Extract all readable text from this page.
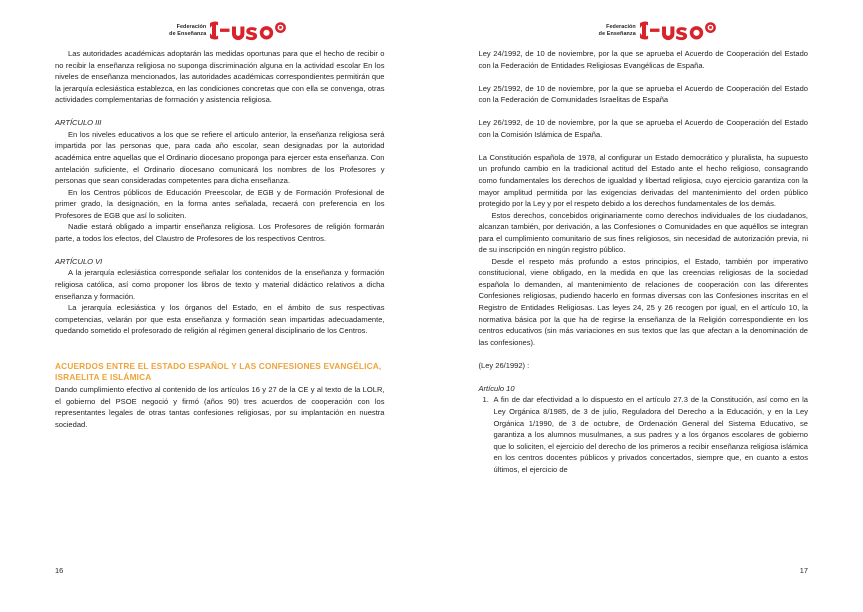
Federación
de Enseñanza

Las autoridades académicas adoptarán las medidas oportunas para que el hecho de recibir o no recibir la enseñanza religiosa no suponga discriminación alguna en la actividad escolar En los niveles de enseñanza mencionados, las autoridades académicas correspondientes permitirán que la jerarquía eclesiástica establezca, en las condiciones concretas que con ella se convenga, otras actividades complementarias de formación y asistencia religiosa.

ARTÍCULO III

En los niveles educativos a los que se refiere el articulo anterior, la enseñanza religiosa será impartida por las personas que, para cada año escolar, sean designadas por la autoridad académica entre aquellas que el Ordinario diocesano proponga para ejercer esta enseñanza. Con antelación suficiente, el Ordinario diocesano comunicará los nombres de los Profesores y personas que sean consideradas competentes para dicha enseñanza.

En los Centros públicos de Educación Preescolar, de EGB y de Formación Profesional de primer grado, la designación, en la forma antes señalada, recaerá con preferencia en los Profesores de EGB que así lo soliciten.

Nadie estará obligado a impartir enseñanza religiosa. Los Profesores de religión formarán parte, a todos los efectos, del Claustro de Profesores de los respectivos Centros.

ARTÍCULO VI

A la jerarquía eclesiástica corresponde señalar los contenidos de la enseñanza y formación religiosa católica, así como proponer los libros de texto y material didáctico relativos a dicha enseñanza y formación.

La jerarquía eclesiástica y los órganos del Estado, en el ámbito de sus respectivas competencias, velarán por que esta enseñanza y formación sean impartidas adecuadamente, quedando sometido el profesorado de religión al régimen general disciplinario de los Centros.

ACUERDOS ENTRE EL ESTADO ESPAÑOL Y LAS CONFESIONES EVANGÉLICA, ISRAELITA E ISLÁMICA

Dando cumplimiento efectivo al contenido de los artículos 16 y 27 de la CE y al texto de la LOLR, el gobierno del PSOE negoció y firmó (años 90) tres acuerdos de cooperación con los representantes legales de otras tantas confesiones religiosas, por su implantación en nuestra sociedad.

16
Federación
de Enseñanza

Ley 24/1992, de 10 de noviembre, por la que se aprueba el Acuerdo de Cooperación del Estado con la Federación de Entidades Religiosas Evangélicas de España.

Ley 25/1992, de 10 de noviembre, por la que se aprueba el Acuerdo de Cooperación del Estado con la Federación de Comunidades Israelitas de España

Ley 26/1992, de 10 de noviembre, por la que se aprueba el Acuerdo de Cooperación del Estado con la Comisión Islámica de España.

La Constitución española de 1978, al configurar un Estado democrático y pluralista, ha supuesto un profundo cambio en la tradicional actitud del Estado ante el hecho religioso, consagrando como fundamentales los derechos de igualdad y libertad religiosa, cuyo ejercicio garantiza con la mayor amplitud permitida por las exigencias derivadas del mantenimiento del orden público protegido por la Ley y por el respeto debido a los derechos fundamentales de los demás.

Estos derechos, concebidos originariamente como derechos individuales de los ciudadanos, alcanzan también, por derivación, a las Confesiones o Comunidades en que aquéllos se integran para el cumplimiento comunitario de sus fines religiosos, sin necesidad de autorización previa, ni de su inscripción en ningún registro público.

Desde el respeto más profundo a estos principios, el Estado, también por imperativo constitucional, viene obligado, en la medida en que las creencias religiosas de la sociedad española lo demanden, al mantenimiento de relaciones de cooperación con las diferentes Confesiones religiosas, pudiendo hacerlo en formas diversas con las Confesiones inscritas en el Registro de Entidades Religiosas. Las leyes 24, 25 y 26 recogen por igual, en el artículo 10, la normativa básica por la que ha de regirse la enseñanza de la Religión correspondiente en los centros educativos (sin más variaciones en sus textos que las que afectan a la denominación de las confesiones).

(Ley 26/1992) :

Artículo 10

1. A fin de dar efectividad a lo dispuesto en el artículo 27.3 de la Constitución, así como en la Ley Orgánica 8/1985, de 3 de julio, Reguladora del Derecho a la Educación, y en la Ley Orgánica 1/1990, de 3 de octubre, de Ordenación General del Sistema Educativo, se garantiza a los alumnos musulmanes, a sus padres y a los órganos escolares de gobierno que lo soliciten, el ejercicio del derecho de los primeros a recibir enseñanza religiosa islámica en los centros docentes públicos y privados concertados, siempre que, en cuanto a estos últimos, el ejercicio de
17
